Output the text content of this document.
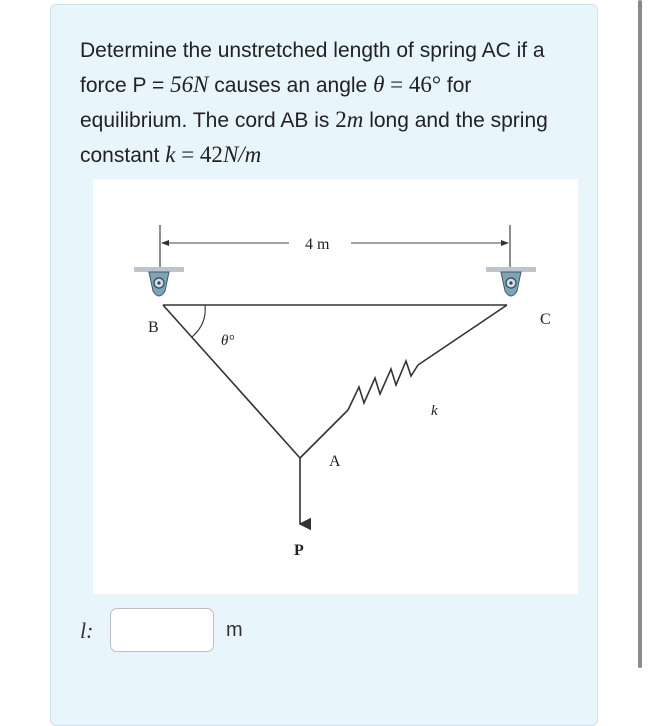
Determine the unstretched length of spring AC if a force P = 56N causes an angle θ = 46° for equilibrium. The cord AB is 2m long and the spring constant k = 42N/m
4 m
θ°
P
B	C
A
k
l:	m
